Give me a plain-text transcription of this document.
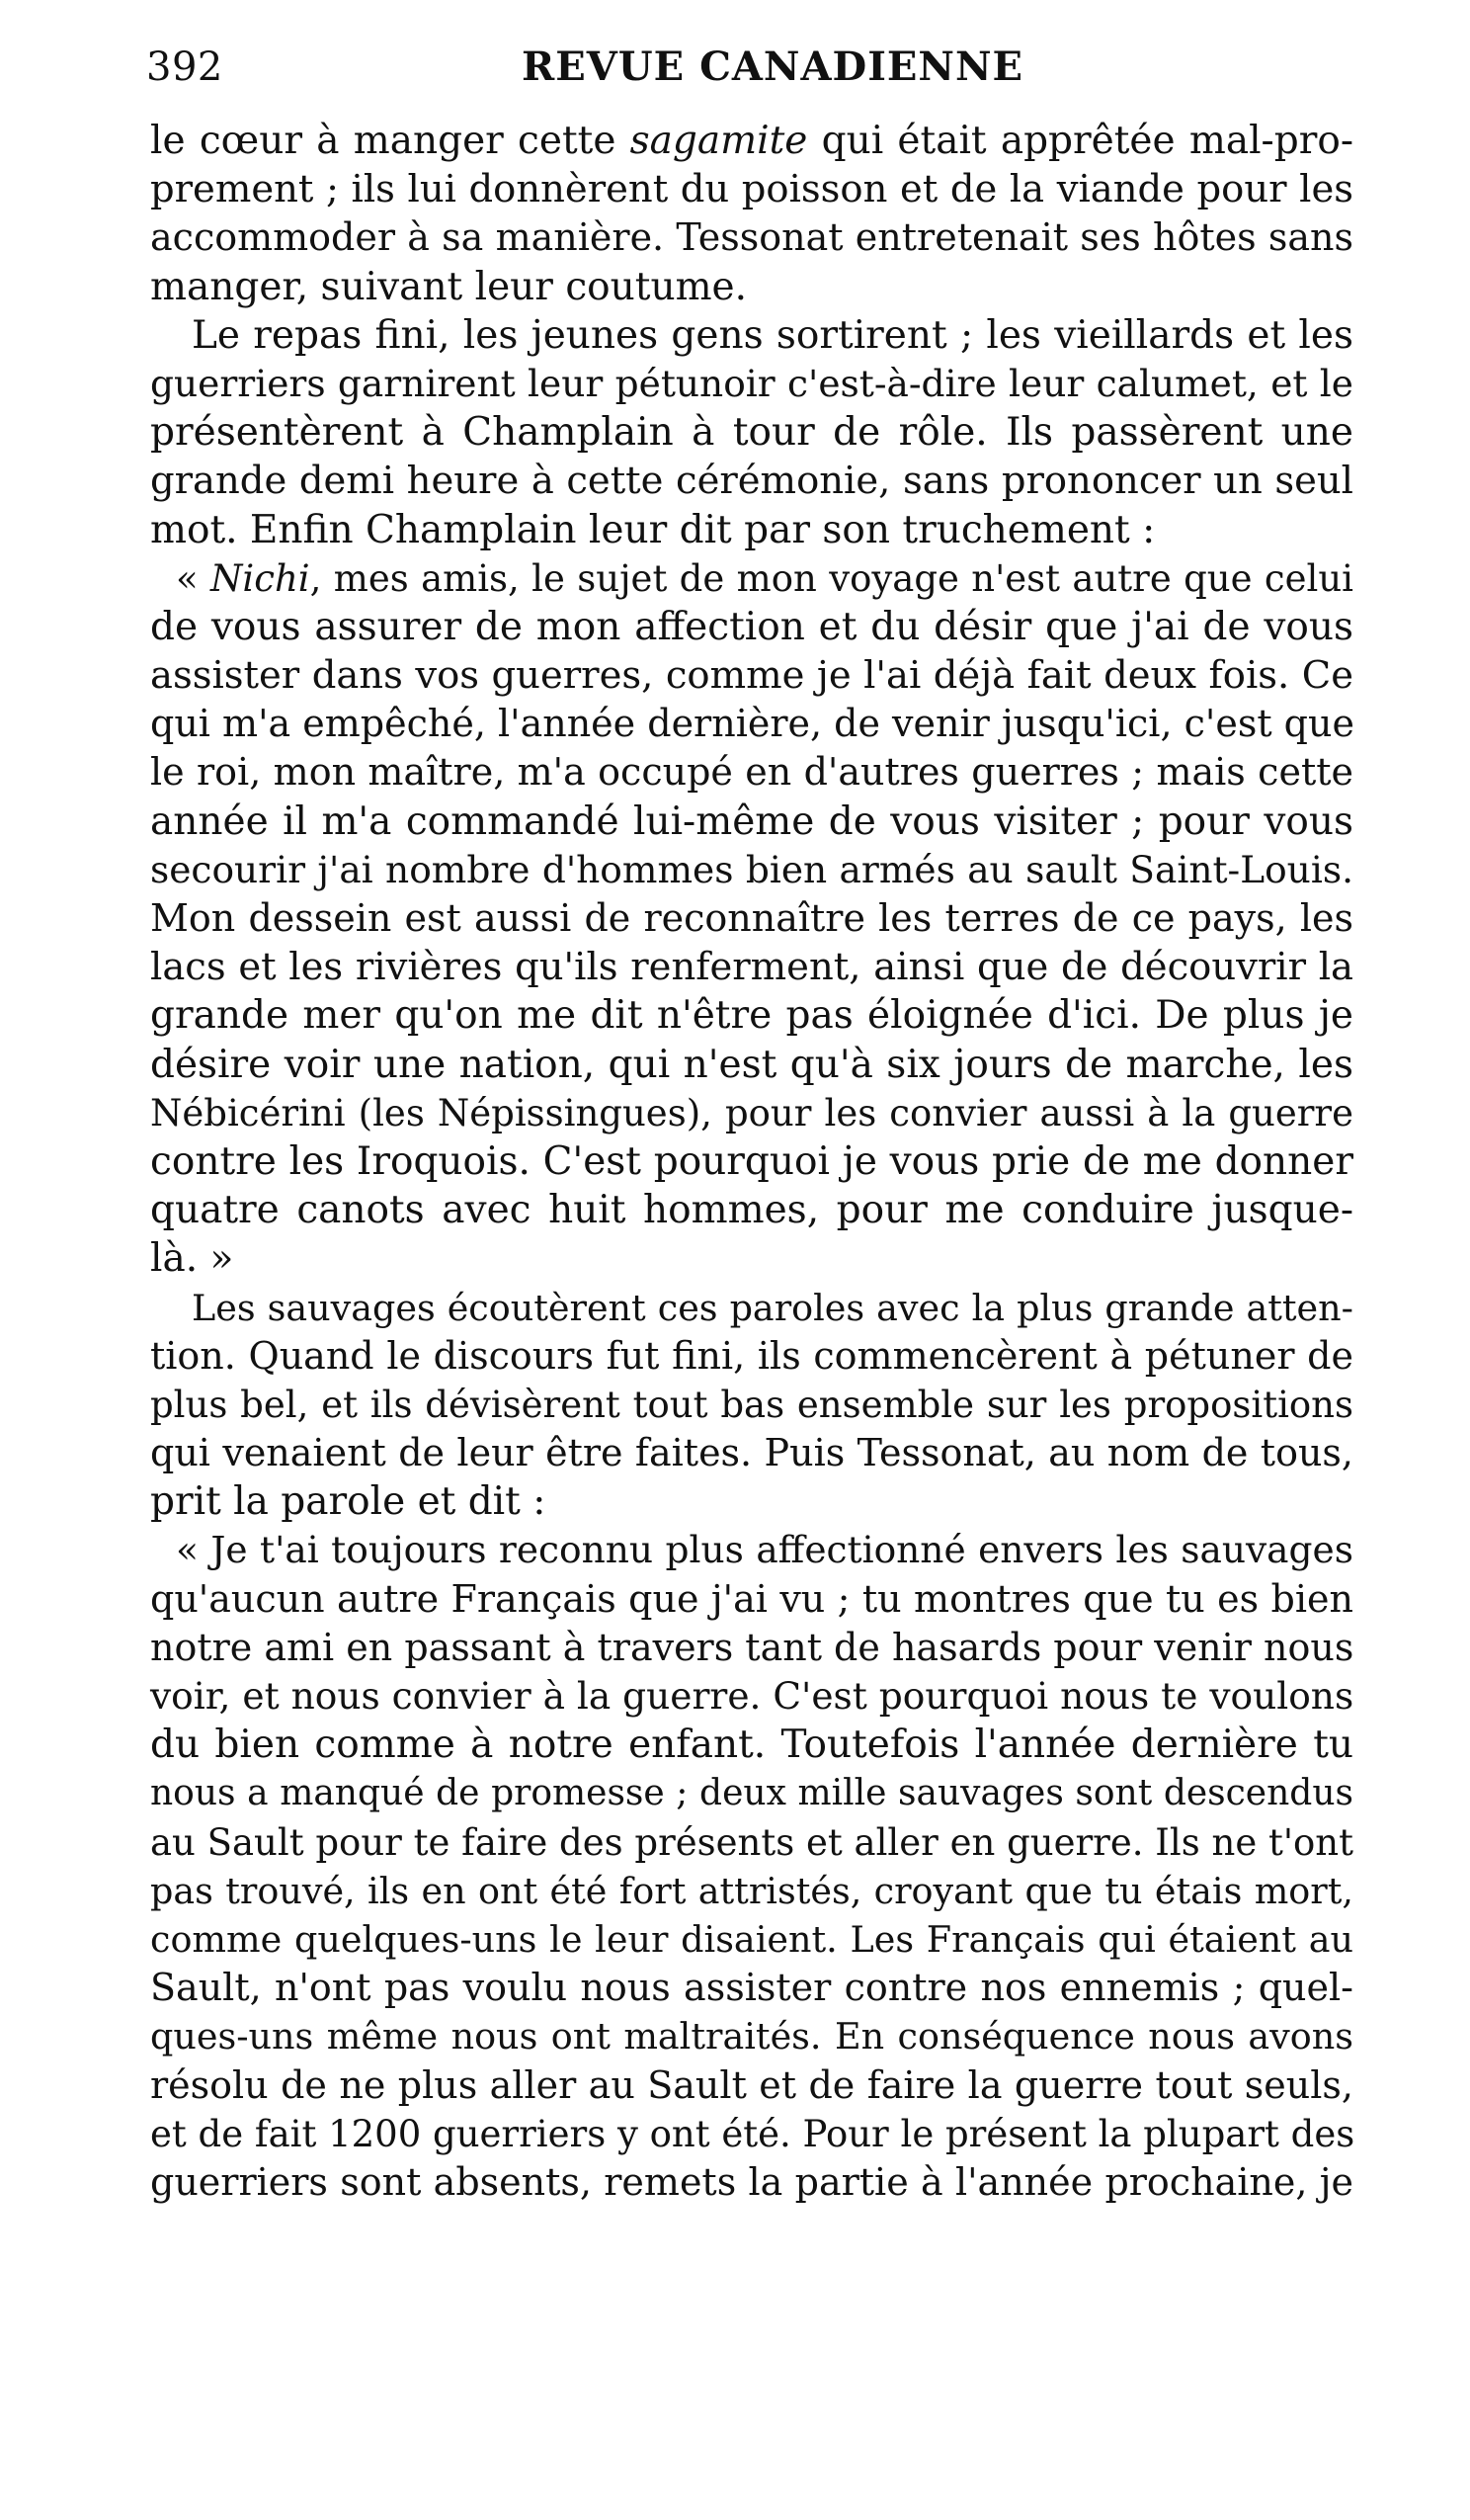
392	REVUE CANADIENNE
le cœur à manger cette sagamite qui était apprêtée mal-pro-
prement ; ils lui donnèrent du poisson et de la viande pour les
accommoder à sa manière. Tessonat entretenait ses hôtes sans
manger, suivant leur coutume.
Le repas fini, les jeunes gens sortirent ; les vieillards et les
guerriers garnirent leur pétunoir c'est-à-dire leur calumet, et le
présentèrent à Champlain à tour de rôle. Ils passèrent une
grande demi heure à cette cérémonie, sans prononcer un seul
mot. Enfin Champlain leur dit par son truchement :
« Nichi, mes amis, le sujet de mon voyage n'est autre que celui
de vous assurer de mon affection et du désir que j'ai de vous
assister dans vos guerres, comme je l'ai déjà fait deux fois. Ce
qui m'a empêché, l'année dernière, de venir jusqu'ici, c'est que
le roi, mon maître, m'a occupé en d'autres guerres ; mais cette
année il m'a commandé lui-même de vous visiter ; pour vous
secourir j'ai nombre d'hommes bien armés au sault Saint-Louis.
Mon dessein est aussi de reconnaître les terres de ce pays, les
lacs et les rivières qu'ils renferment, ainsi que de découvrir la
grande mer qu'on me dit n'être pas éloignée d'ici. De plus je
désire voir une nation, qui n'est qu'à six jours de marche, les
Nébicérini (les Népissingues), pour les convier aussi à la guerre
contre les Iroquois. C'est pourquoi je vous prie de me donner
quatre canots avec huit hommes, pour me conduire jusque-
là. »
Les sauvages écoutèrent ces paroles avec la plus grande atten-
tion. Quand le discours fut fini, ils commencèrent à pétuner de
plus bel, et ils dévisèrent tout bas ensemble sur les propositions
qui venaient de leur être faites. Puis Tessonat, au nom de tous,
prit la parole et dit :
« Je t'ai toujours reconnu plus affectionné envers les sauvages
qu'aucun autre Français que j'ai vu ; tu montres que tu es bien
notre ami en passant à travers tant de hasards pour venir nous
voir, et nous convier à la guerre. C'est pourquoi nous te voulons
du bien comme à notre enfant. Toutefois l'année dernière tu
nous a manqué de promesse ; deux mille sauvages sont descendus
au Sault pour te faire des présents et aller en guerre. Ils ne t'ont
pas trouvé, ils en ont été fort attristés, croyant que tu étais mort,
comme quelques-uns le leur disaient. Les Français qui étaient au
Sault, n'ont pas voulu nous assister contre nos ennemis ; quel-
ques-uns même nous ont maltraités. En conséquence nous avons
résolu de ne plus aller au Sault et de faire la guerre tout seuls,
et de fait 1200 guerriers y ont été. Pour le présent la plupart des
guerriers sont absents, remets la partie à l'année prochaine, je
